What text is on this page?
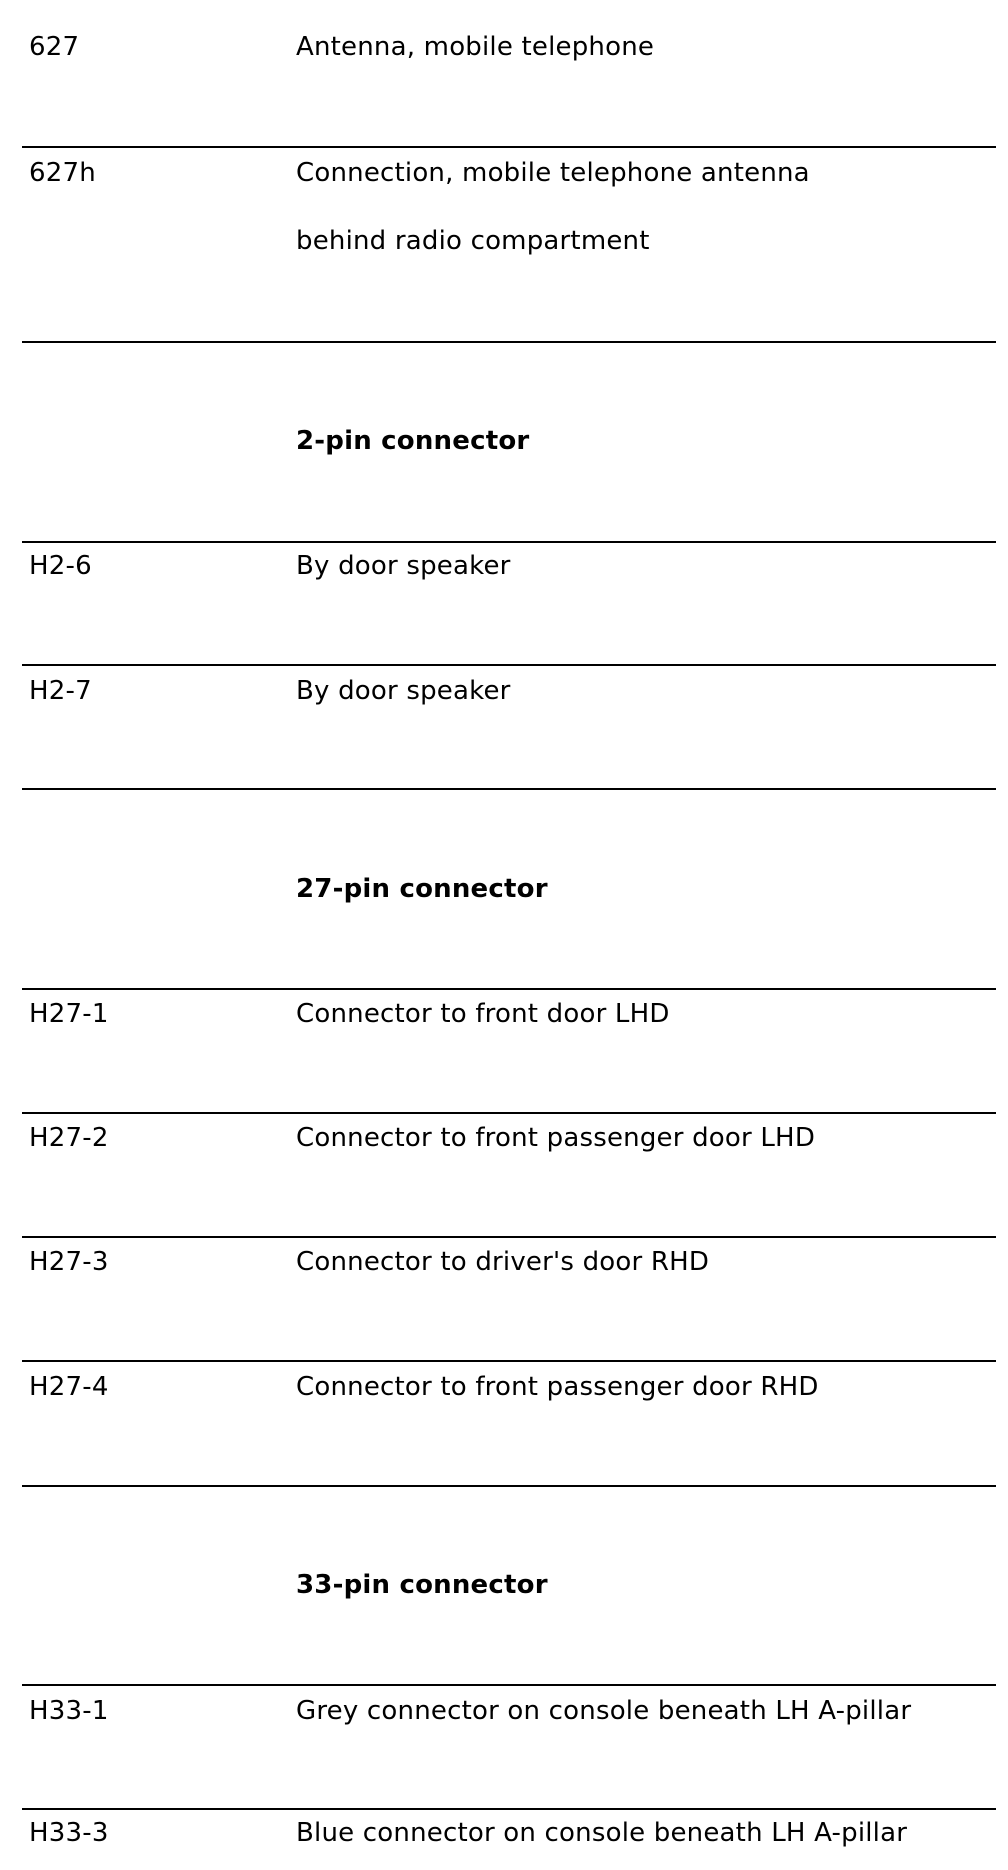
627	Antenna, mobile telephone
627h	Connection, mobile telephone antenna
behind radio compartment
2-pin connector
H2-6	By door speaker
H2-7	By door speaker
27-pin connector
H27-1	Connector to front door LHD
H27-2	Connector to front passenger door LHD
H27-3	Connector to driver's door RHD
H27-4	Connector to front passenger door RHD
33-pin connector
H33-1	Grey connector on console beneath LH A-pillar
H33-3	Blue connector on console beneath LH A-pillar
